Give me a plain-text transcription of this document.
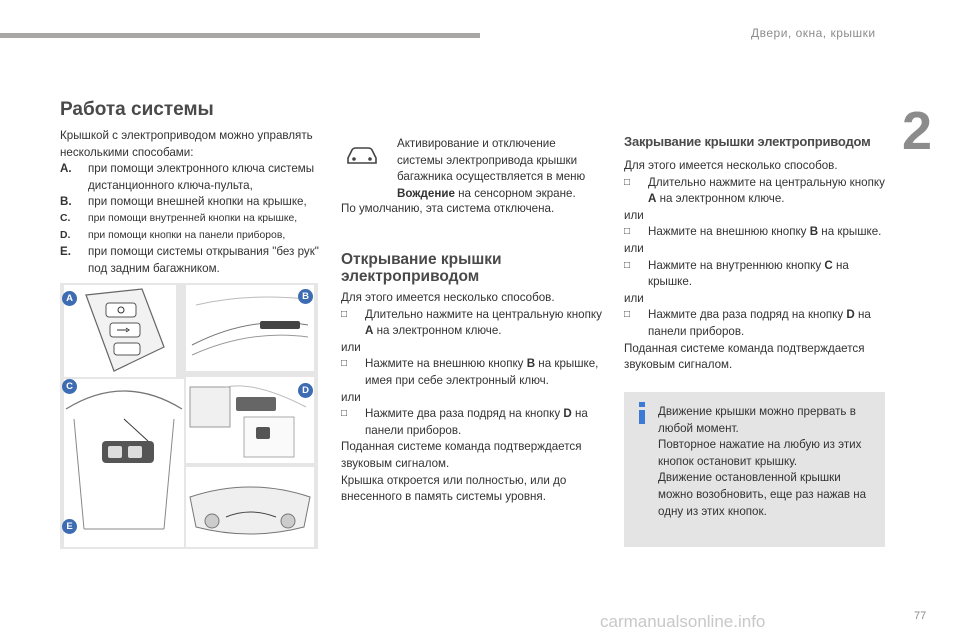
Двери, окна, крышки
2
77
carmanualsonline.info
Работа системы
Крышкой с электроприводом можно управлять несколькими способами:
A.	при помощи электронного ключа системы дистанционного ключа-пульта,
B.	при помощи внешней кнопки на крышке,
C.	при помощи внутренней кнопки на крышке,
D.	при помощи кнопки на панели приборов,
E.	при помощи системы открывания "без рук" под задним багажником.
A	B
C	D
E
Активирование и отключение системы электропривода крышки багажника осуществляется в меню Вождение на сенсорном экране.
По умолчанию, эта система отключена.
Открывание крышки электроприводом
Для этого имеется несколько способов.
□	Длительно нажмите на центральную кнопку A на электронном ключе.
или
□	Нажмите на внешнюю кнопку B на крышке, имея при себе электронный ключ.
или
□	Нажмите два раза подряд на кнопку D на панели приборов.
Поданная системе команда подтверждается звуковым сигналом.
Крышка откроется или полностью, или до внесенного в память системы уровня.
Закрывание крышки электроприводом
Для этого имеется несколько способов.
□	Длительно нажмите на центральную кнопку A на электронном ключе.
или
□	Нажмите на внешнюю кнопку B на крышке.
или
□	Нажмите на внутреннюю кнопку C на крышке.
или
□	Нажмите два раза подряд на кнопку D на панели приборов.
Поданная системе команда подтверждается звуковым сигналом.
Движение крышки можно прервать в любой момент.
Повторное нажатие на любую из этих кнопок остановит крышку.
Движение остановленной крышки можно возобновить, еще раз нажав на одну из этих кнопок.
